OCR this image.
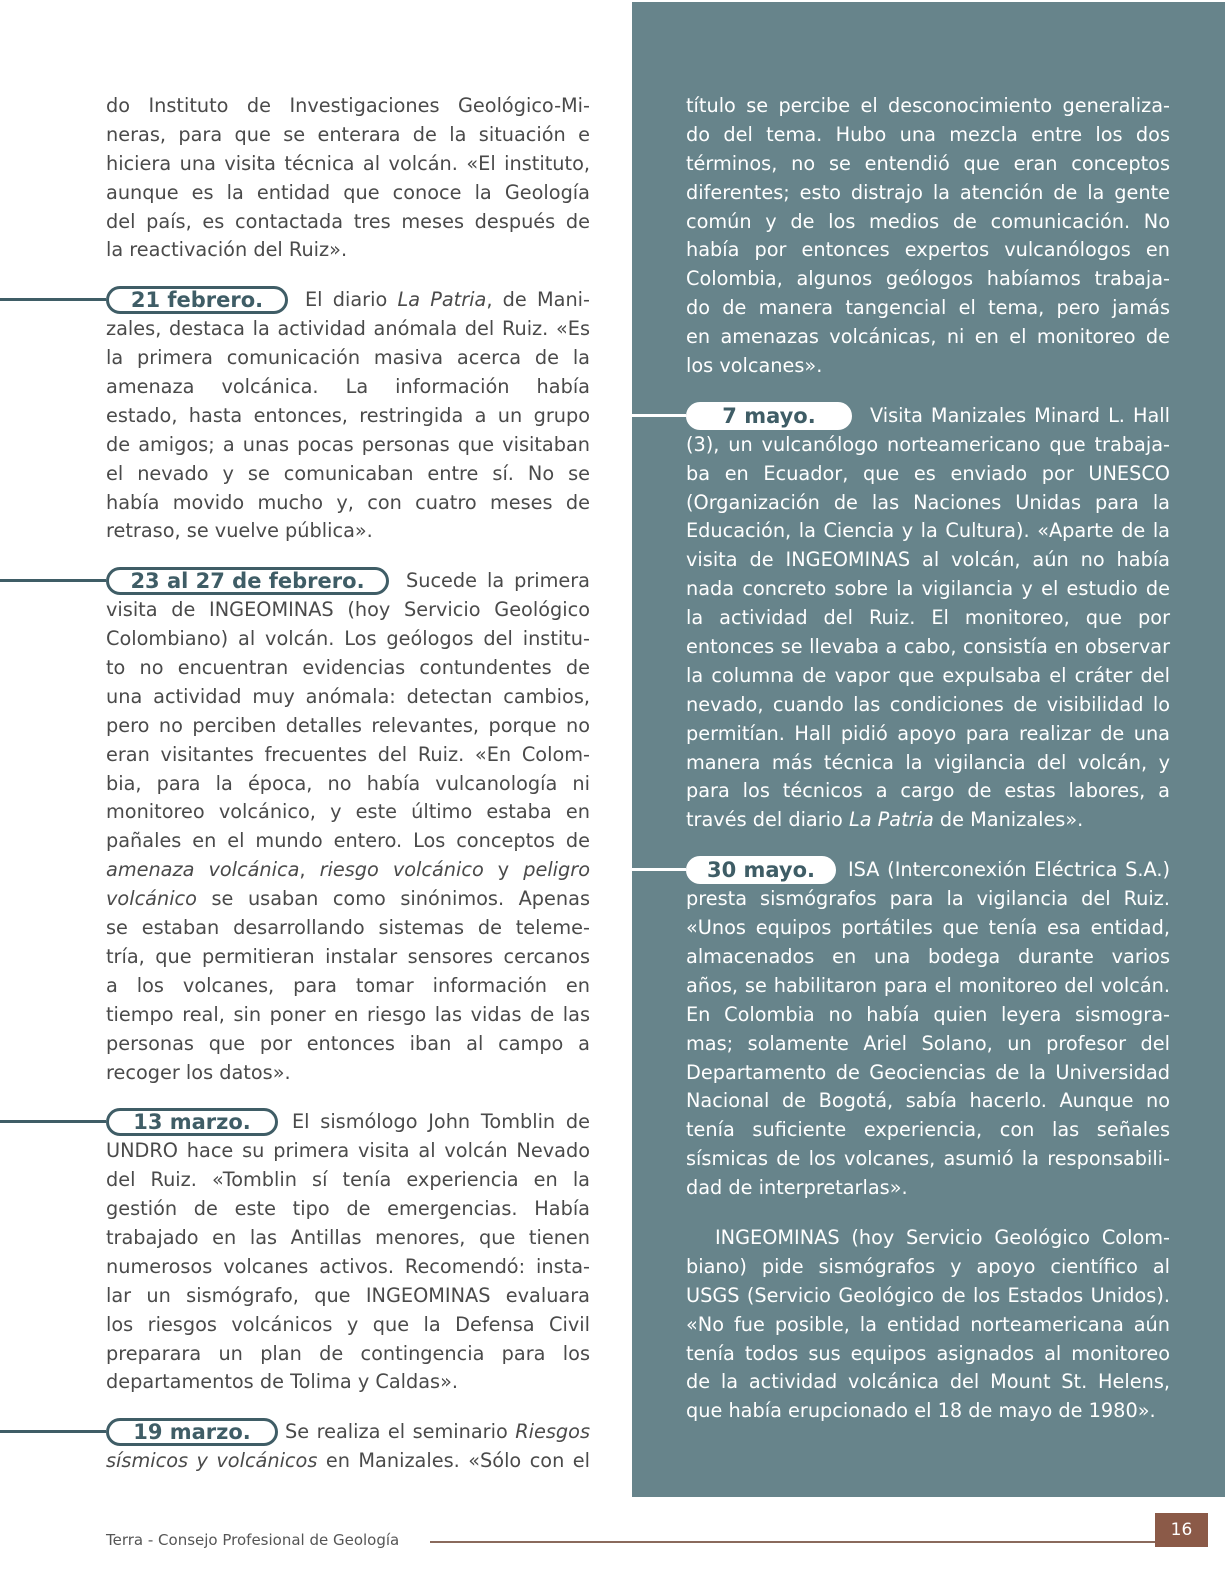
do Instituto de Investigaciones Geológico-Mi-
neras, para que se enterara de la situación e
hiciera una visita técnica al volcán. «El instituto,
aunque es la entidad que conoce la Geología
del país, es contactada tres meses después de
la reactivación del Ruiz».
21 febrero.	El diario La Patria, de Mani-
zales, destaca la actividad anómala del Ruiz. «Es
la primera comunicación masiva acerca de la
amenaza volcánica. La información había
estado, hasta entonces, restringida a un grupo
de amigos; a unas pocas personas que visitaban
el nevado y se comunicaban entre sí. No se
había movido mucho y, con cuatro meses de
retraso, se vuelve pública».
23 al 27 de febrero.	Sucede la primera
visita de INGEOMINAS (hoy Servicio Geológico
Colombiano) al volcán. Los geólogos del institu-
to no encuentran evidencias contundentes de
una actividad muy anómala: detectan cambios,
pero no perciben detalles relevantes, porque no
eran visitantes frecuentes del Ruiz. «En Colom-
bia, para la época, no había vulcanología ni
monitoreo volcánico, y este último estaba en
pañales en el mundo entero. Los conceptos de
amenaza volcánica, riesgo volcánico y peligro
volcánico se usaban como sinónimos. Apenas
se estaban desarrollando sistemas de teleme-
tría, que permitieran instalar sensores cercanos
a los volcanes, para tomar información en
tiempo real, sin poner en riesgo las vidas de las
personas que por entonces iban al campo a
recoger los datos».
13 marzo.	El sismólogo John Tomblin de
UNDRO hace su primera visita al volcán Nevado
del Ruiz. «Tomblin sí tenía experiencia en la
gestión de este tipo de emergencias. Había
trabajado en las Antillas menores, que tienen
numerosos volcanes activos. Recomendó: insta-
lar un sismógrafo, que INGEOMINAS evaluara
los riesgos volcánicos y que la Defensa Civil
preparara un plan de contingencia para los
departamentos de Tolima y Caldas».
19 marzo.	Se realiza el seminario Riesgos
sísmicos y volcánicos en Manizales. «Sólo con el
título se percibe el desconocimiento generaliza-
do del tema. Hubo una mezcla entre los dos
términos, no se entendió que eran conceptos
diferentes; esto distrajo la atención de la gente
común y de los medios de comunicación. No
había por entonces expertos vulcanólogos en
Colombia, algunos geólogos habíamos trabaja-
do de manera tangencial el tema, pero jamás
en amenazas volcánicas, ni en el monitoreo de
los volcanes».
7 mayo.	Visita Manizales Minard L. Hall
(3), un vulcanólogo norteamericano que trabaja-
ba en Ecuador, que es enviado por UNESCO
(Organización de las Naciones Unidas para la
Educación, la Ciencia y la Cultura). «Aparte de la
visita de INGEOMINAS al volcán, aún no había
nada concreto sobre la vigilancia y el estudio de
la actividad del Ruiz. El monitoreo, que por
entonces se llevaba a cabo, consistía en observar
la columna de vapor que expulsaba el cráter del
nevado, cuando las condiciones de visibilidad lo
permitían. Hall pidió apoyo para realizar de una
manera más técnica la vigilancia del volcán, y
para los técnicos a cargo de estas labores, a
través del diario La Patria de Manizales».
30 mayo.	ISA (Interconexión Eléctrica S.A.)
presta sismógrafos para la vigilancia del Ruiz.
«Unos equipos portátiles que tenía esa entidad,
almacenados en una bodega durante varios
años, se habilitaron para el monitoreo del volcán.
En Colombia no había quien leyera sismogra-
mas; solamente Ariel Solano, un profesor del
Departamento de Geociencias de la Universidad
Nacional de Bogotá, sabía hacerlo. Aunque no
tenía suficiente experiencia, con las señales
sísmicas de los volcanes, asumió la responsabili-
dad de interpretarlas».
INGEOMINAS (hoy Servicio Geológico Colom-
biano) pide sismógrafos y apoyo científico al
USGS (Servicio Geológico de los Estados Unidos).
«No fue posible, la entidad norteamericana aún
tenía todos sus equipos asignados al monitoreo
de la actividad volcánica del Mount St. Helens,
que había erupcionado el 18 de mayo de 1980».
Terra - Consejo Profesional de Geología	16
